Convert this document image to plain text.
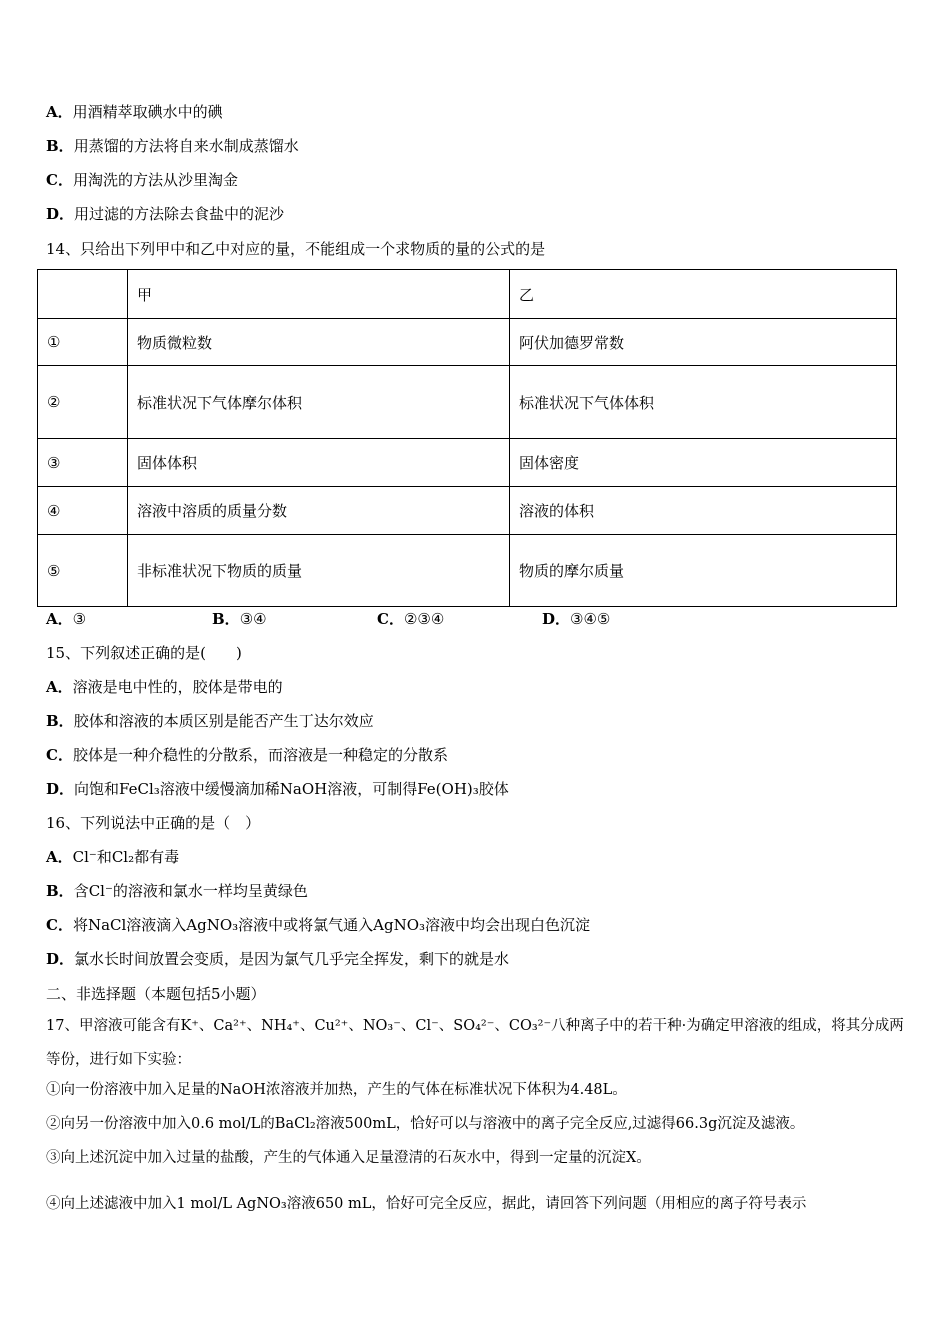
A．用酒精萃取碘水中的碘
B．用蒸馏的方法将自来水制成蒸馏水
C．用淘洗的方法从沙里淘金
D．用过滤的方法除去食盐中的泥沙
14、只给出下列甲中和乙中对应的量，不能组成一个求物质的量的公式的是
	甲	乙
①	物质微粒数	阿伏加德罗常数
②	标准状况下气体摩尔体积	标准状况下气体体积
③	固体体积	固体密度
④	溶液中溶质的质量分数	溶液的体积
⑤	非标准状况下物质的质量	物质的摩尔质量
A．③	B．③④	C．②③④	D．③④⑤
15、下列叙述正确的是(　　)
A．溶液是电中性的，胶体是带电的
B．胶体和溶液的本质区别是能否产生丁达尔效应
C．胶体是一种介稳性的分散系，而溶液是一种稳定的分散系
D．向饱和FeCl₃溶液中缓慢滴加稀NaOH溶液，可制得Fe(OH)₃胶体
16、下列说法中正确的是（　）
A．Cl⁻和Cl₂都有毒
B．含Cl⁻的溶液和氯水一样均呈黄绿色
C．将NaCl溶液滴入AgNO₃溶液中或将氯气通入AgNO₃溶液中均会出现白色沉淀
D．氯水长时间放置会变质，是因为氯气几乎完全挥发，剩下的就是水
二、非选择题（本题包括5小题）
17、甲溶液可能含有K⁺、Ca²⁺、NH₄⁺、Cu²⁺、NO₃⁻、Cl⁻、SO₄²⁻、CO₃²⁻八种离子中的若干种·为确定甲溶液的组成，将其分成两等份，进行如下实验：
①向一份溶液中加入足量的NaOH浓溶液并加热，产生的气体在标准状况下体积为4.48L。
②向另一份溶液中加入0.6 mol/L的BaCl₂溶液500mL，恰好可以与溶液中的离子完全反应,过滤得66.3g沉淀及滤液。
③向上述沉淀中加入过量的盐酸，产生的气体通入足量澄清的石灰水中，得到一定量的沉淀X。
④向上述滤液中加入1 mol/L AgNO₃溶液650 mL，恰好可完全反应，据此，请回答下列问题（用相应的离子符号表示
